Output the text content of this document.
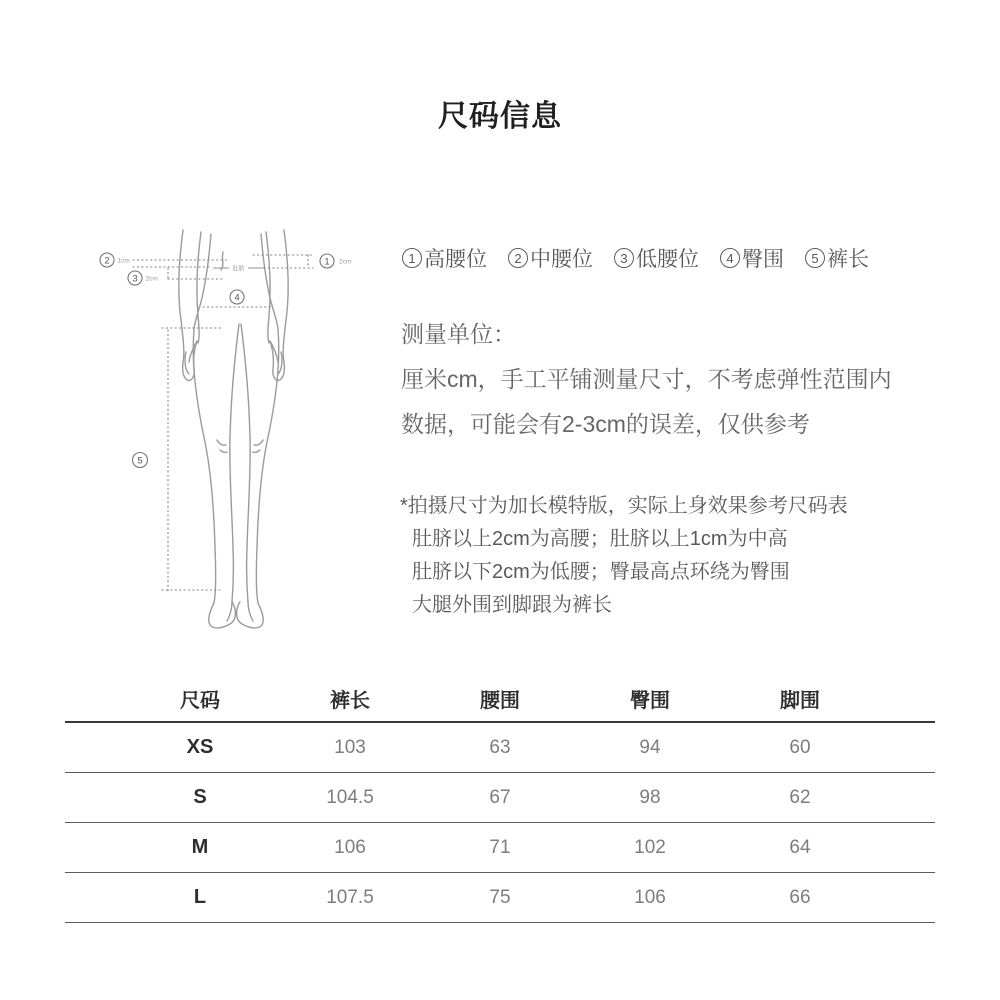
尺码信息
肚脐
2 1cm
3 2cm
1 2cm
4
5
1 高腰位	2 中腰位	3 低腰位	4 臀围	5 裤长
测量单位：
厘米cm，手工平铺测量尺寸，不考虑弹性范围内
数据，可能会有2-3cm的误差，仅供参考
*拍摄尺寸为加长模特版，实际上身效果参考尺码表
肚脐以上2cm为高腰；肚脐以上1cm为中高
肚脐以下2cm为低腰；臀最高点环绕为臀围
大腿外围到脚跟为裤长
尺码	裤长	腰围	臀围	脚围
XS	103	63	94	60
S	104.5	67	98	62
M	106	71	102	64
L	107.5	75	106	66
